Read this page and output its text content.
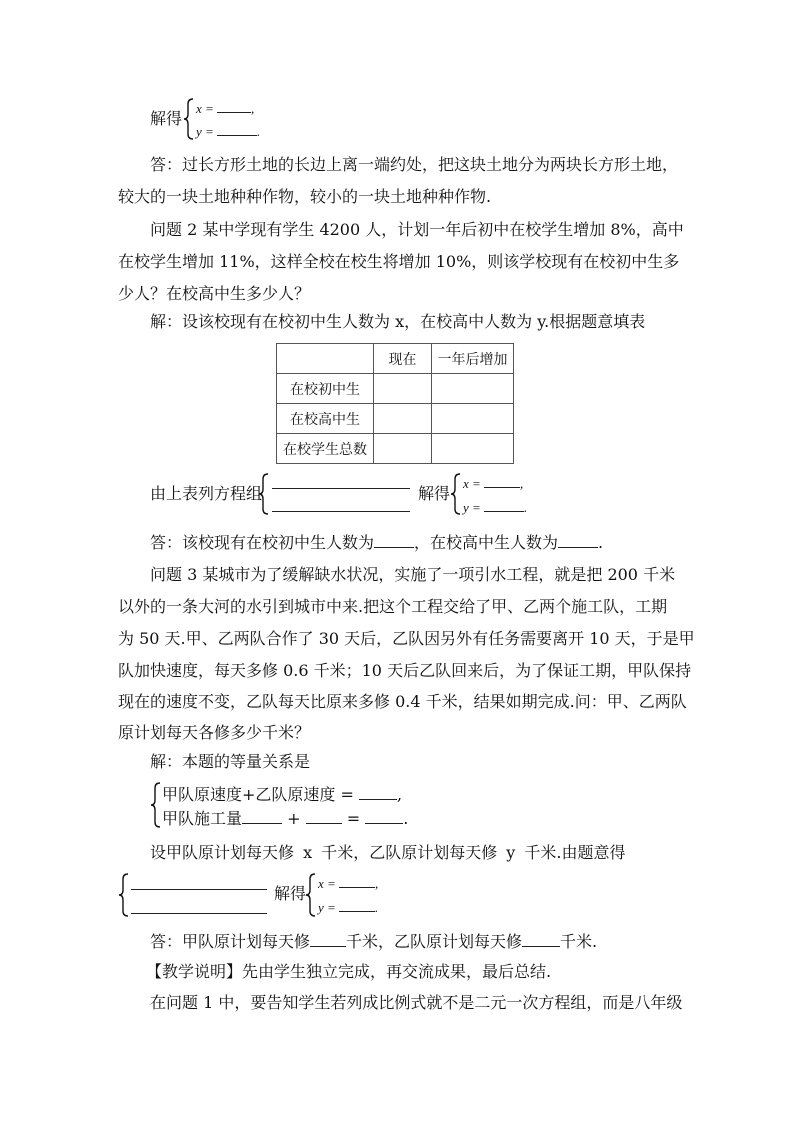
解得
x =	,
y =	.
答：过长方形土地的长边上离一端约处，把这块土地分为两块长方形土地，
较大的一块土地种种作物，较小的一块土地种种作物.
问题 2 某中学现有学生 4200 人，计划一年后初中在校学生增加 8%，高中
在校学生增加 11%，这样全校在校生将增加 10%，则该学校现有在校初中生多
少人？在校高中生多少人？
解：设该校现有在校初中生人数为 x，在校高中人数为 y.根据题意填表
	现在	一年后增加
在校初中生		
在校高中生		
在校学生总数		
由上表列方程组	解得
x =	,
y =	.
答：该校现有在校初中生人数为	，在校高中生人数为	.
问题 3 某城市为了缓解缺水状况，实施了一项引水工程，就是把 200 千米
以外的一条大河的水引到城市中来.把这个工程交给了甲、乙两个施工队，工期
为 50 天.甲、乙两队合作了 30 天后，乙队因另外有任务需要离开 10 天，于是甲
队加快速度，每天多修 0.6 千米；10 天后乙队回来后，为了保证工期，甲队保持
现在的速度不变，乙队每天比原来多修 0.4 千米，结果如期完成.问：甲、乙两队
原计划每天各修多少千米？
解：本题的等量关系是
甲队原速度+乙队原速度 =	,
甲队施工量	+	=	.
设甲队原计划每天修 x 千米，乙队原计划每天修 y 千米.由题意得
解得
x =	,
y =	.
答：甲队原计划每天修 千米，乙队原计划每天修 千米.
【教学说明】先由学生独立完成，再交流成果，最后总结.
在问题 1 中，要告知学生若列成比例式就不是二元一次方程组，而是八年级
